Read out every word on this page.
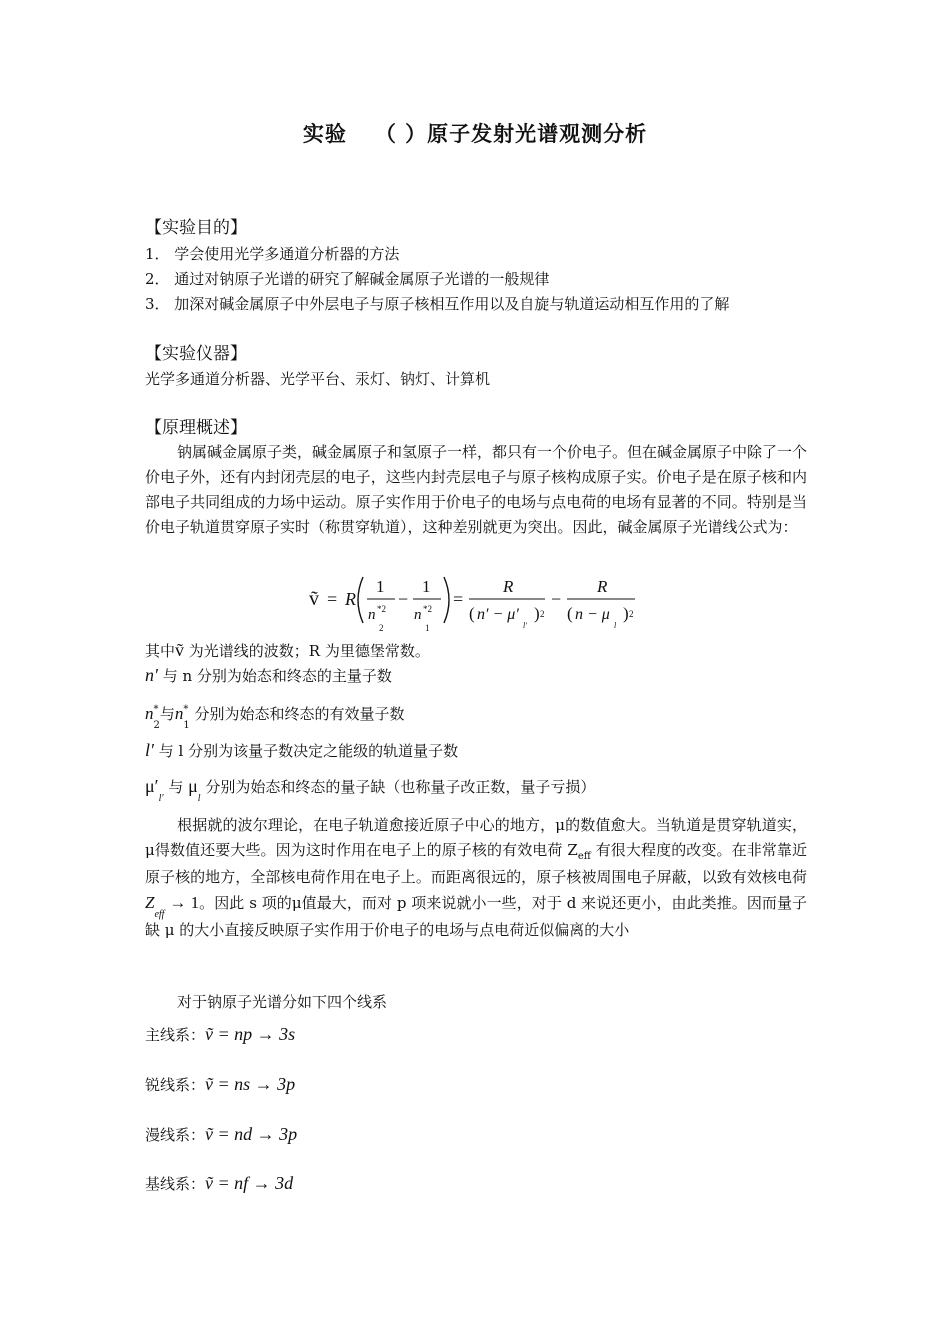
实验 （ ）原子发射光谱观测分析
【实验目的】
1． 学会使用光学多通道分析器的方法
2． 通过对钠原子光谱的研究了解碱金属原子光谱的一般规律
3． 加深对碱金属原子中外层电子与原子核相互作用以及自旋与轨道运动相互作用的了解
【实验仪器】
光学多通道分析器、光学平台、汞灯、钠灯、计算机
【原理概述】
钠属碱金属原子类，碱金属原子和氢原子一样，都只有一个价电子。但在碱金属原子中除了一个价电子外，还有内封闭壳层的电子，这些内封壳层电子与原子核构成原子实。价电子是在原子核和内部电子共同组成的力场中运动。原子实作用于价电子的电场与点电荷的电场有显著的不同。特别是当价电子轨道贯穿原子实时（称贯穿轨道），这种差别就更为突出。因此，碱金属原子光谱线公式为：
ṽ = R
1
n *2
2
−
1
n *2
1
=
R
( n′ − μ′ )
l′
2
−
R
( n − μ )
l
2
其中ṽ 为光谱线的波数；R 为里德堡常数。
n′ 与 n 分别为始态和终态的主量子数
$n^*_2$与$n^*_1$ 分别为始态和终态的有效量子数
l′ 与 l 分别为该量子数决定之能级的轨道量子数
$\mu'_{l'}$ 与 $\mu_l$ 分别为始态和终态的量子缺（也称量子改正数，量子亏损）
根据就的波尔理论，在电子轨道愈接近原子中心的地方，μ的数值愈大。当轨道是贯穿轨道实，μ得数值还要大些。因为这时作用在电子上的原子核的有效电荷 $Z_{eff}$ 有很大程度的改变。在非常靠近原子核的地方，全部核电荷作用在电子上。而距离很远的，原子核被周围电子屏蔽，以致有效核电荷 $Z_{eff} \to 1$。因此 s 项的μ值最大，而对 p 项来说就小一些，对于 d 来说还更小，由此类推。因而量子缺 μ 的大小直接反映原子实作用于价电子的电场与点电荷近似偏离的大小
对于钠原子光谱分如下四个线系
主线系：ṽ = np → 3s
锐线系：ṽ = ns → 3p
漫线系：ṽ = nd → 3p
基线系：ṽ = nf → 3d
